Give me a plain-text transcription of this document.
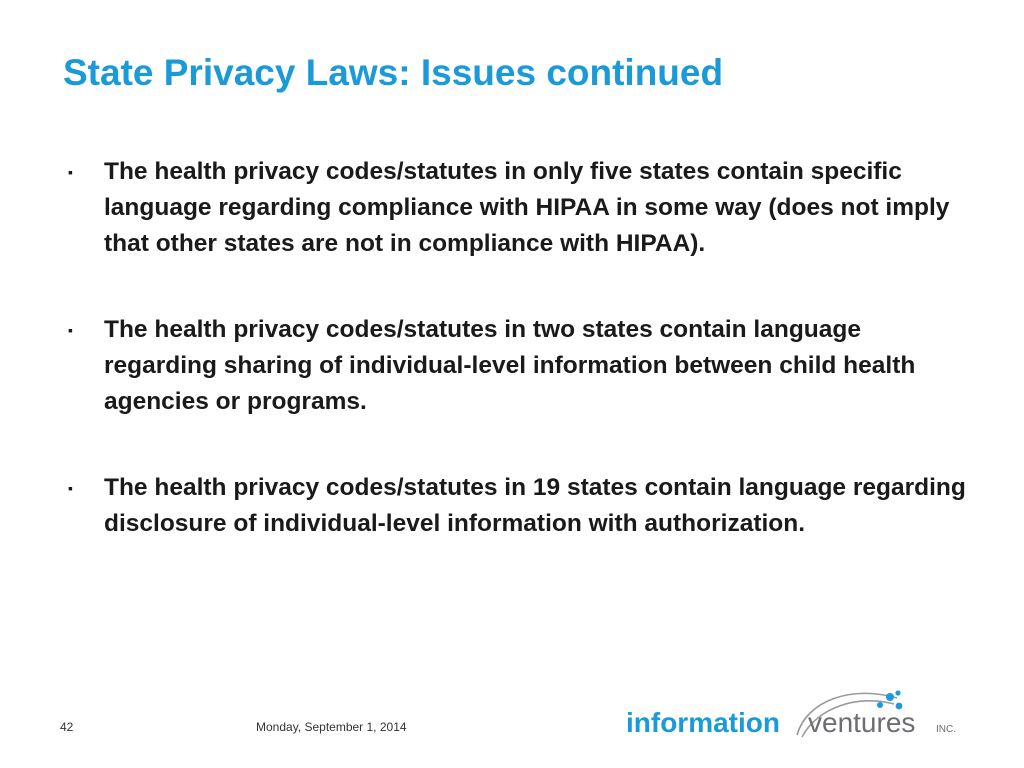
State Privacy Laws: Issues continued
▪ The health privacy codes/statutes in only five states contain specific language regarding compliance with HIPAA in some way (does not imply that other states are not in compliance with HIPAA).
▪ The health privacy codes/statutes in two states contain language regarding sharing of individual-level information between child health agencies or programs.
▪ The health privacy codes/statutes in 19 states contain language regarding disclosure of individual-level information with authorization.
42	Monday, September 1, 2014	information ventures INC.
